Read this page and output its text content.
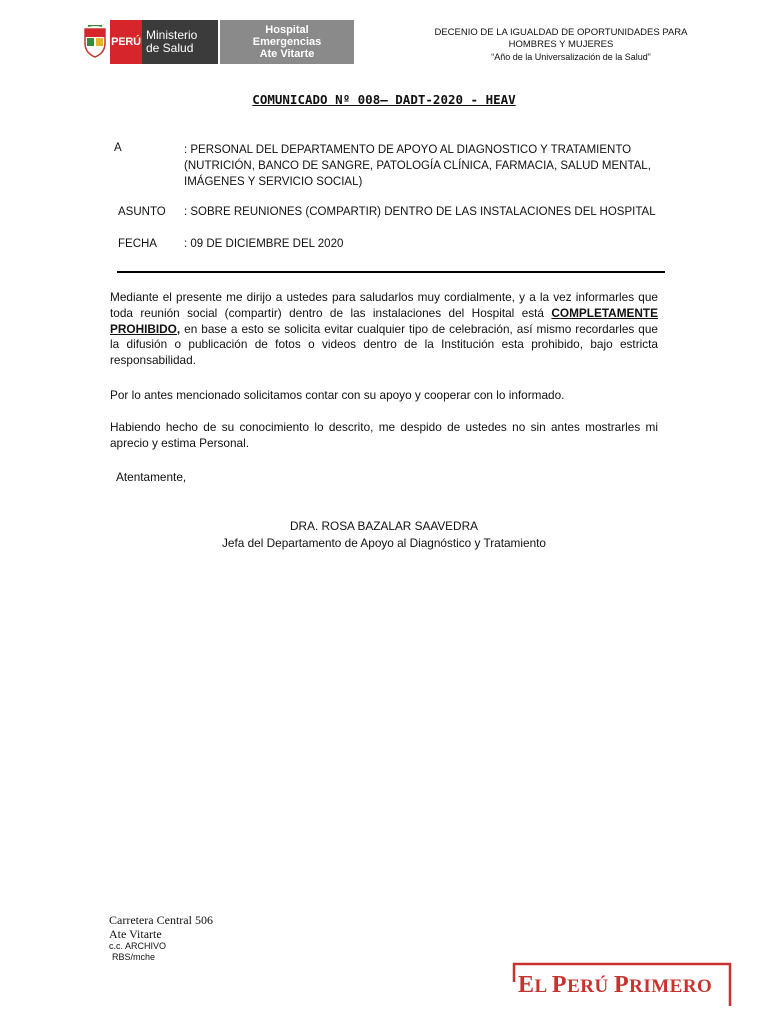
PERÚ Ministerio
de Salud
Hospital
Emergencias
Ate Vitarte
DECENIO DE LA IGUALDAD DE OPORTUNIDADES PARA
HOMBRES Y MUJERES
“Año de la Universalización de la Salud”
COMUNICADO Nº 008– DADT-2020 - HEAV
A	: PERSONAL DEL DEPARTAMENTO DE APOYO AL DIAGNOSTICO Y TRATAMIENTO
(NUTRICIÓN, BANCO DE SANGRE, PATOLOGÍA CLÍNICA, FARMACIA, SALUD MENTAL,
IMÁGENES Y SERVICIO SOCIAL)
ASUNTO : SOBRE REUNIONES (COMPARTIR) DENTRO DE LAS INSTALACIONES DEL HOSPITAL
FECHA : 09 DE DICIEMBRE DEL 2020
Mediante el presente me dirijo a ustedes para saludarlos muy cordialmente, y a la vez informarles que toda reunión social (compartir) dentro de las instalaciones del Hospital está COMPLETAMENTE PROHIBIDO, en base a esto se solicita evitar cualquier tipo de celebración, así mismo recordarles que la difusión o publicación de fotos o videos dentro de la Institución esta prohibido, bajo estricta responsabilidad.
Por lo antes mencionado solicitamos contar con su apoyo y cooperar con lo informado.
Habiendo hecho de su conocimiento lo descrito, me despido de ustedes no sin antes mostrarles mi aprecio y estima Personal.
Atentamente,
DRA. ROSA BAZALAR SAAVEDRA
Jefa del Departamento de Apoyo al Diagnóstico y Tratamiento
Carretera Central 506
Ate Vitarte
c.c. ARCHIVO
RBS/mche
EL PERÚ PRIMERO
